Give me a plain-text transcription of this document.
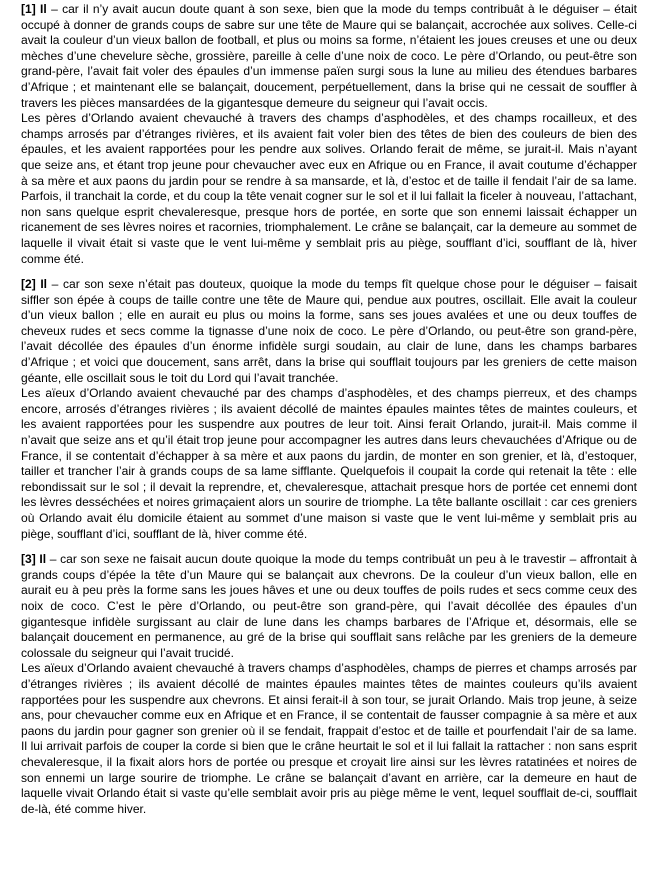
[1] Il – car il n’y avait aucun doute quant à son sexe, bien que la mode du temps contribuât à le déguiser – était occupé à donner de grands coups de sabre sur une tête de Maure qui se balançait, accrochée aux solives. Celle-ci avait la couleur d’un vieux ballon de football, et plus ou moins sa forme, n’étaient les joues creuses et une ou deux mèches d’une chevelure sèche, grossière, pareille à celle d’une noix de coco. Le père d’Orlando, ou peut-être son grand-père, l’avait fait voler des épaules d’un immense païen surgi sous la lune au milieu des étendues barbares d’Afrique ; et maintenant elle se balançait, doucement, perpétuellement, dans la brise qui ne cessait de souffler à travers les pièces mansardées de la gigantesque demeure du seigneur qui l’avait occis.

Les pères d’Orlando avaient chevauché à travers des champs d’asphodèles, et des champs rocailleux, et des champs arrosés par d’étranges rivières, et ils avaient fait voler bien des têtes de bien des couleurs de bien des épaules, et les avaient rapportées pour les pendre aux solives. Orlando ferait de même, se jurait-il. Mais n’ayant que seize ans, et étant trop jeune pour chevaucher avec eux en Afrique ou en France, il avait coutume d’échapper à sa mère et aux paons du jardin pour se rendre à sa mansarde, et là, d’estoc et de taille il fendait l’air de sa lame. Parfois, il tranchait la corde, et du coup la tête venait cogner sur le sol et il lui fallait la ficeler à nouveau, l’attachant, non sans quelque esprit chevaleresque, presque hors de portée, en sorte que son ennemi laissait échapper un ricanement de ses lèvres noires et racornies, triomphalement. Le crâne se balançait, car la demeure au sommet de laquelle il vivait était si vaste que le vent lui-même y semblait pris au piège, soufflant d’ici, soufflant de là, hiver comme été.

[2] Il – car son sexe n’était pas douteux, quoique la mode du temps fît quelque chose pour le déguiser – faisait siffler son épée à coups de taille contre une tête de Maure qui, pendue aux poutres, oscillait. Elle avait la couleur d’un vieux ballon ; elle en aurait eu plus ou moins la forme, sans ses joues avalées et une ou deux touffes de cheveux rudes et secs comme la tignasse d’une noix de coco. Le père d’Orlando, ou peut-être son grand-père, l’avait décollée des épaules d’un énorme infidèle surgi soudain, au clair de lune, dans les champs barbares d’Afrique ; et voici que doucement, sans arrêt, dans la brise qui soufflait toujours par les greniers de cette maison géante, elle oscillait sous le toit du Lord qui l’avait tranchée.

Les aïeux d’Orlando avaient chevauché par des champs d’asphodèles, et des champs pierreux, et des champs encore, arrosés d’étranges rivières ; ils avaient décollé de maintes épaules maintes têtes de maintes couleurs, et les avaient rapportées pour les suspendre aux poutres de leur toit. Ainsi ferait Orlando, jurait-il. Mais comme il n’avait que seize ans et qu’il était trop jeune pour accompagner les autres dans leurs chevauchées d’Afrique ou de France, il se contentait d’échapper à sa mère et aux paons du jardin, de monter en son grenier, et là, d’estoquer, tailler et trancher l’air à grands coups de sa lame sifflante. Quelquefois il coupait la corde qui retenait la tête : elle rebondissait sur le sol ; il devait la reprendre, et, chevaleresque, attachait presque hors de portée cet ennemi dont les lèvres desséchées et noires grimaçaient alors un sourire de triomphe. La tête ballante oscillait : car ces greniers où Orlando avait élu domicile étaient au sommet d’une maison si vaste que le vent lui-même y semblait pris au piège, soufflant d’ici, soufflant de là, hiver comme été.

[3] Il – car son sexe ne faisait aucun doute quoique la mode du temps contribuât un peu à le travestir – affrontait à grands coups d’épée la tête d’un Maure qui se balançait aux chevrons. De la couleur d’un vieux ballon, elle en aurait eu à peu près la forme sans les joues hâves et une ou deux touffes de poils rudes et secs comme ceux des noix de coco. C’est le père d’Orlando, ou peut-être son grand-père, qui l’avait décollée des épaules d’un gigantesque infidèle surgissant au clair de lune dans les champs barbares de l’Afrique et, désormais, elle se balançait doucement en permanence, au gré de la brise qui soufflait sans relâche par les greniers de la demeure colossale du seigneur qui l’avait trucidé.

Les aïeux d’Orlando avaient chevauché à travers champs d’asphodèles, champs de pierres et champs arrosés par d’étranges rivières ; ils avaient décollé de maintes épaules maintes têtes de maintes couleurs qu’ils avaient rapportées pour les suspendre aux chevrons. Et ainsi ferait-il à son tour, se jurait Orlando. Mais trop jeune, à seize ans, pour chevaucher comme eux en Afrique et en France, il se contentait de fausser compagnie à sa mère et aux paons du jardin pour gagner son grenier où il se fendait, frappait d’estoc et de taille et pourfendait l’air de sa lame. Il lui arrivait parfois de couper la corde si bien que le crâne heurtait le sol et il lui fallait la rattacher : non sans esprit chevaleresque, il la fixait alors hors de portée ou presque et croyait lire ainsi sur les lèvres ratatinées et noires de son ennemi un large sourire de triomphe. Le crâne se balançait d’avant en arrière, car la demeure en haut de laquelle vivait Orlando était si vaste qu’elle semblait avoir pris au piège même le vent, lequel soufflait de-ci, soufflait de-là, été comme hiver.
